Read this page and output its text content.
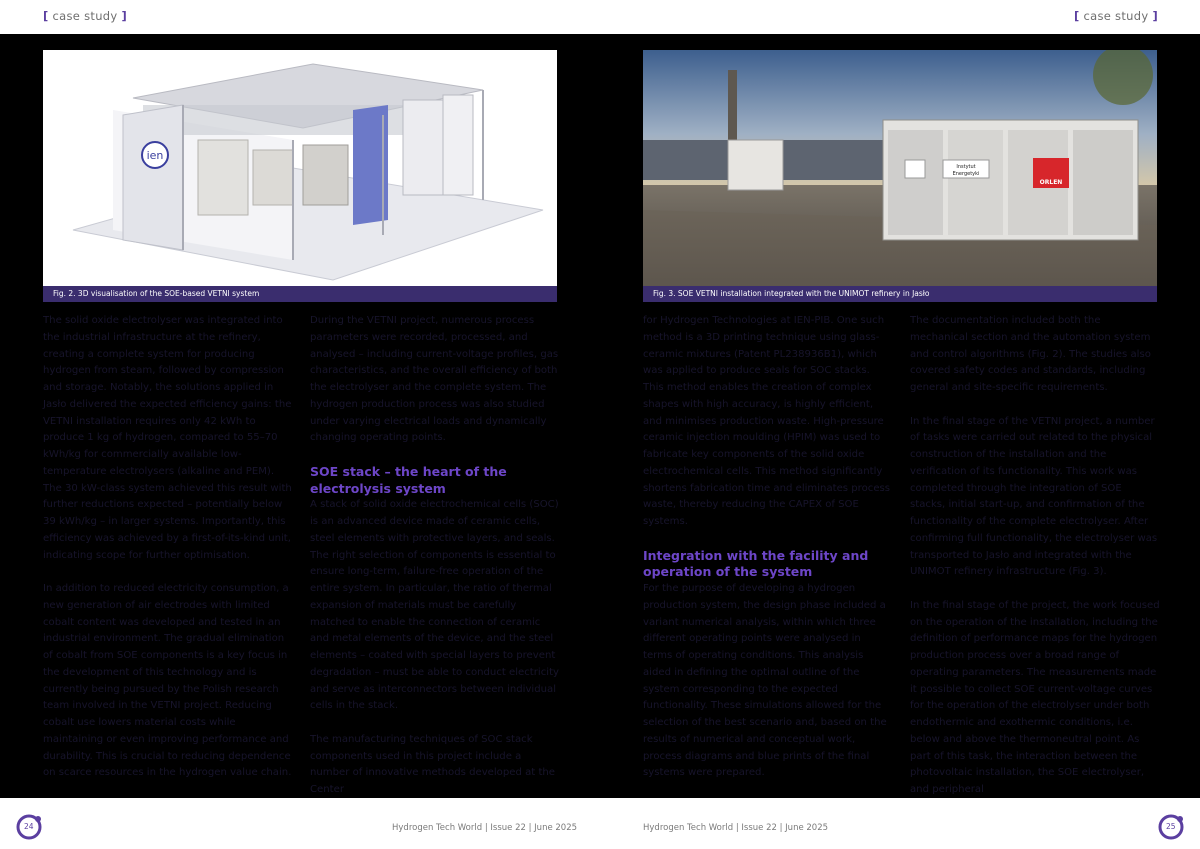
[ case study ]	[ case study ]
ien
Fig. 2. 3D visualisation of the SOE-based VETNI system
Instytut
Energetyki
ORLEN
Fig. 3. SOE VETNI installation integrated with the UNIMOT refinery in Jasło

The solid oxide electrolyser was integrated into the industrial infrastructure at the refinery, creating a complete system for producing hydrogen from steam, followed by compression and storage. Notably, the solutions applied in Jasło delivered the expected efficiency gains: the VETNI installation requires only 42 kWh to produce 1 kg of hydrogen, compared to 55–70 kWh/kg for commercially available low-temperature electrolysers (alkaline and PEM). The 30 kW-class system achieved this result with further reductions expected – potentially below 39 kWh/kg – in larger systems. Importantly, this efficiency was achieved by a first-of-its-kind unit, indicating scope for further optimisation.

In addition to reduced electricity consumption, a new generation of air electrodes with limited cobalt content was developed and tested in an industrial environment. The gradual elimination of cobalt from SOE components is a key focus in the development of this technology and is currently being pursued by the Polish research team involved in the VETNI project. Reducing cobalt use lowers material costs while maintaining or even improving performance and durability. This is crucial to reducing dependence on scarce resources in the hydrogen value chain.

During the VETNI project, numerous process parameters were recorded, processed, and analysed – including current-voltage profiles, gas characteristics, and the overall efficiency of both the electrolyser and the complete system. The hydrogen production process was also studied under varying electrical loads and dynamically changing operating points.

SOE stack – the heart of the electrolysis system

A stack of solid oxide electrochemical cells (SOC) is an advanced device made of ceramic cells, steel elements with protective layers, and seals. The right selection of components is essential to ensure long-term, failure-free operation of the entire system. In particular, the ratio of thermal expansion of materials must be carefully matched to enable the connection of ceramic and metal elements of the device, and the steel elements – coated with special layers to prevent degradation – must be able to conduct electricity and serve as interconnectors between individual cells in the stack.

The manufacturing techniques of SOC stack components used in this project include a number of innovative methods developed at the Center

for Hydrogen Technologies at IEN-PIB. One such method is a 3D printing technique using glass-ceramic mixtures (Patent PL238936B1), which was applied to produce seals for SOC stacks. This method enables the creation of complex shapes with high accuracy, is highly efficient, and minimises production waste. High-pressure ceramic injection moulding (HPIM) was used to fabricate key components of the solid oxide electrochemical cells. This method significantly shortens fabrication time and eliminates process waste, thereby reducing the CAPEX of SOE systems.

Integration with the facility and operation of the system

For the purpose of developing a hydrogen production system, the design phase included a variant numerical analysis, within which three different operating points were analysed in terms of operating conditions. This analysis aided in defining the optimal outline of the system corresponding to the expected functionality. These simulations allowed for the selection of the best scenario and, based on the results of numerical and conceptual work, process diagrams and blue prints of the final systems were prepared.

The documentation included both the mechanical section and the automation system and control algorithms (Fig. 2). The studies also covered safety codes and standards, including general and site-specific requirements.

In the final stage of the VETNI project, a number of tasks were carried out related to the physical construction of the installation and the verification of its functionality. This work was completed through the integration of SOE stacks, initial start-up, and confirmation of the functionality of the complete electrolyser. After confirming full functionality, the electrolyser was transported to Jasło and integrated with the UNIMOT refinery infrastructure (Fig. 3).

In the final stage of the project, the work focused on the operation of the installation, including the definition of performance maps for the hydrogen production process over a broad range of operating parameters. The measurements made it possible to collect SOE current-voltage curves for the operation of the electrolyser under both endothermic and exothermic conditions, i.e. below and above the thermoneutral point. As part of this task, the interaction between the photovoltaic installation, the SOE electrolyser, and peripheral

24	Hydrogen Tech World | Issue 22 | June 2025	Hydrogen Tech World | Issue 22 | June 2025	25
